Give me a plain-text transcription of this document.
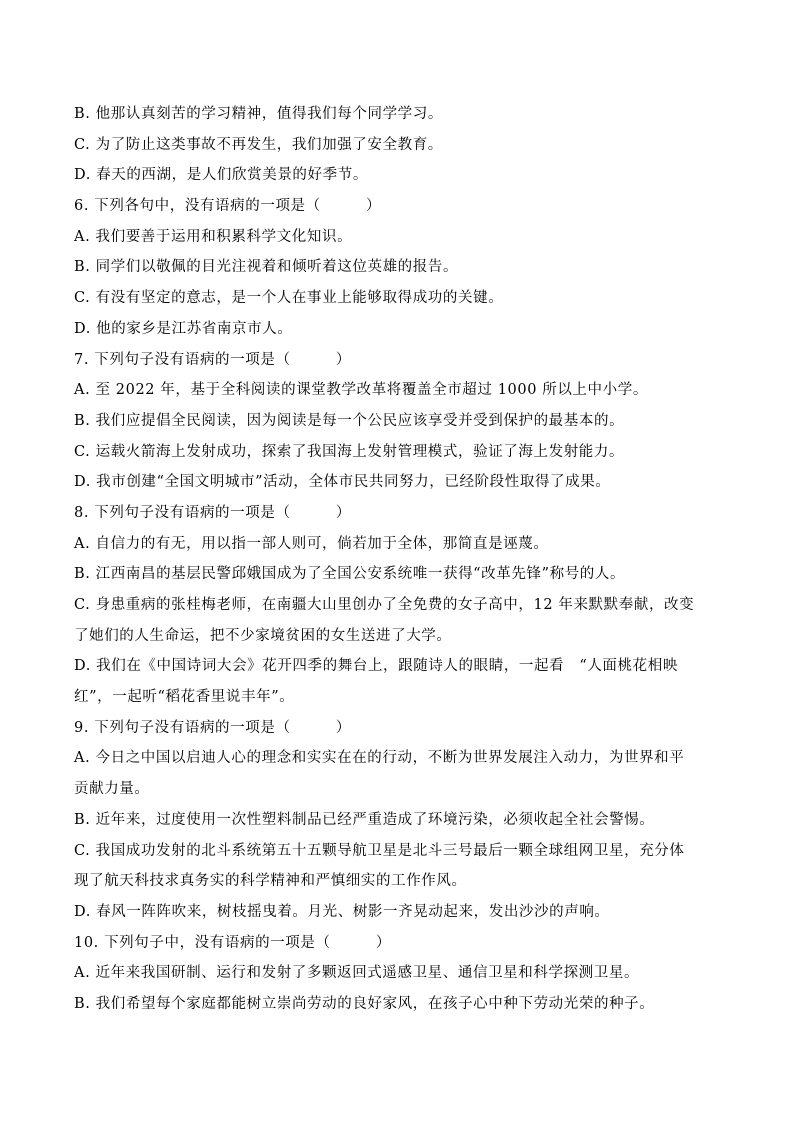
B. 他那认真刻苦的学习精神，值得我们每个同学学习。
C. 为了防止这类事故不再发生，我们加强了安全教育。
D. 春天的西湖，是人们欣赏美景的好季节。
6. 下列各句中，没有语病的一项是（　　　）
A. 我们要善于运用和积累科学文化知识。
B. 同学们以敬佩的目光注视着和倾听着这位英雄的报告。
C. 有没有坚定的意志，是一个人在事业上能够取得成功的关键。
D. 他的家乡是江苏省南京市人。
7. 下列句子没有语病的一项是（　　　）
A. 至 2022 年，基于全科阅读的课堂教学改革将覆盖全市超过 1000 所以上中小学。
B. 我们应提倡全民阅读，因为阅读是每一个公民应该享受并受到保护的最基本的。
C. 运载火箭海上发射成功，探索了我国海上发射管理模式，验证了海上发射能力。
D. 我市创建“全国文明城市”活动，全体市民共同努力，已经阶段性取得了成果。
8. 下列句子没有语病的一项是（　　　）
A. 自信力的有无，用以指一部人则可，倘若加于全体，那简直是诬蔑。
B. 江西南昌的基层民警邱娥国成为了全国公安系统唯一获得“改革先锋”称号的人。
C. 身患重病的张桂梅老师，在南疆大山里创办了全免费的女子高中，12 年来默默奉献，改变
了她们的人生命运，把不少家境贫困的女生送进了大学。
D. 我们在《中国诗词大会》花开四季的舞台上，跟随诗人的眼睛，一起看　“人面桃花相映
红”，一起听“稻花香里说丰年”。
9. 下列句子没有语病的一项是（　　　）
A. 今日之中国以启迪人心的理念和实实在在的行动，不断为世界发展注入动力，为世界和平
贡献力量。
B. 近年来，过度使用一次性塑料制品已经严重造成了环境污染，必须收起全社会警惕。
C. 我国成功发射的北斗系统第五十五颗导航卫星是北斗三号最后一颗全球组网卫星，充分体
现了航天科技求真务实的科学精神和严慎细实的工作作风。
D. 春风一阵阵吹来，树枝摇曳着。月光、树影一齐晃动起来，发出沙沙的声响。
10. 下列句子中，没有语病的一项是（　　　）
A. 近年来我国研制、运行和发射了多颗返回式遥感卫星、通信卫星和科学探测卫星。
B. 我们希望每个家庭都能树立崇尚劳动的良好家风，在孩子心中种下劳动光荣的种子。
